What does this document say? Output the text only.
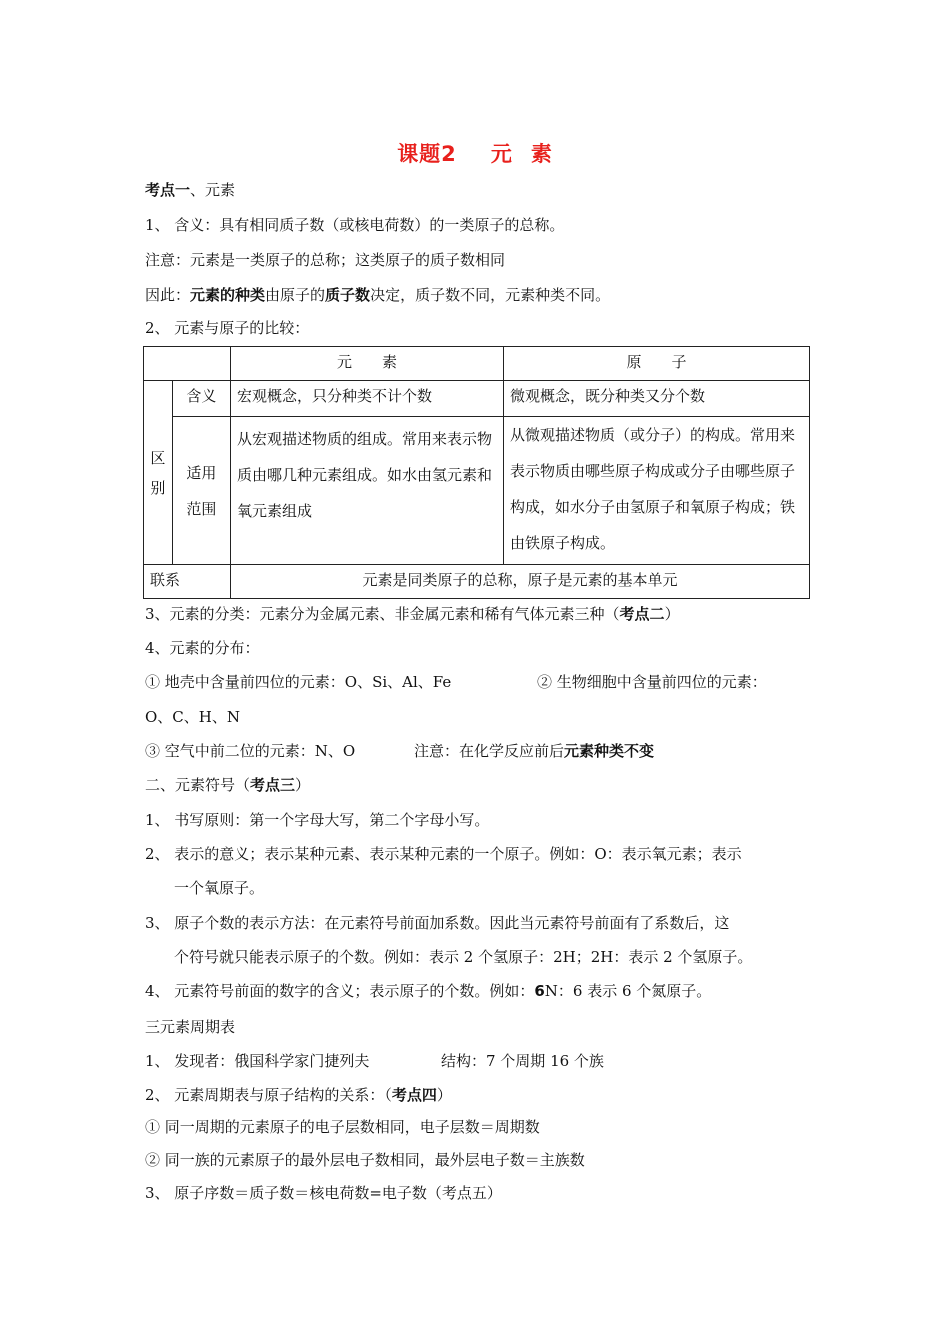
课题2 元 素
考点一、元素
1、 含义：具有相同质子数（或核电荷数）的一类原子的总称。
注意：元素是一类原子的总称；这类原子的质子数相同
因此：元素的种类由原子的质子数决定，质子数不同，元素种类不同。
2、 元素与原子的比较：
		元　　素	原　　子
区别	含义	宏观概念，只分种类不计个数	微观概念，既分种类又分个数
	适用范围	从宏观描述物质的组成。常用来表示物质由哪几种元素组成。如水由氢元素和氧元素组成	从微观描述物质（或分子）的构成。常用来表示物质由哪些原子构成或分子由哪些原子构成，如水分子由氢原子和氧原子构成；铁由铁原子构成。
联系		元素是同类原子的总称，原子是元素的基本单元	
3、元素的分类：元素分为金属元素、非金属元素和稀有气体元素三种（考点二）
4、元素的分布：
① 地壳中含量前四位的元素：O、Si、Al、Fe	② 生物细胞中含量前四位的元素：
O、C、H、N
③ 空气中前二位的元素：N、O	注意：在化学反应前后元素种类不变
二、元素符号（考点三）
1、 书写原则：第一个字母大写，第二个字母小写。
2、 表示的意义；表示某种元素、表示某种元素的一个原子。例如：O：表示氧元素；表示
一个氧原子。
3、 原子个数的表示方法：在元素符号前面加系数。因此当元素符号前面有了系数后，这
个符号就只能表示原子的个数。例如：表示 2 个氢原子：2H；2H：表示 2 个氢原子。
4、 元素符号前面的数字的含义；表示原子的个数。例如：6N：6 表示 6 个氮原子。
三元素周期表
1、 发现者：俄国科学家门捷列夫	结构：7 个周期 16 个族
2、 元素周期表与原子结构的关系：（考点四）
① 同一周期的元素原子的电子层数相同，电子层数＝周期数
② 同一族的元素原子的最外层电子数相同，最外层电子数＝主族数
3、 原子序数＝质子数＝核电荷数=电子数（考点五）
